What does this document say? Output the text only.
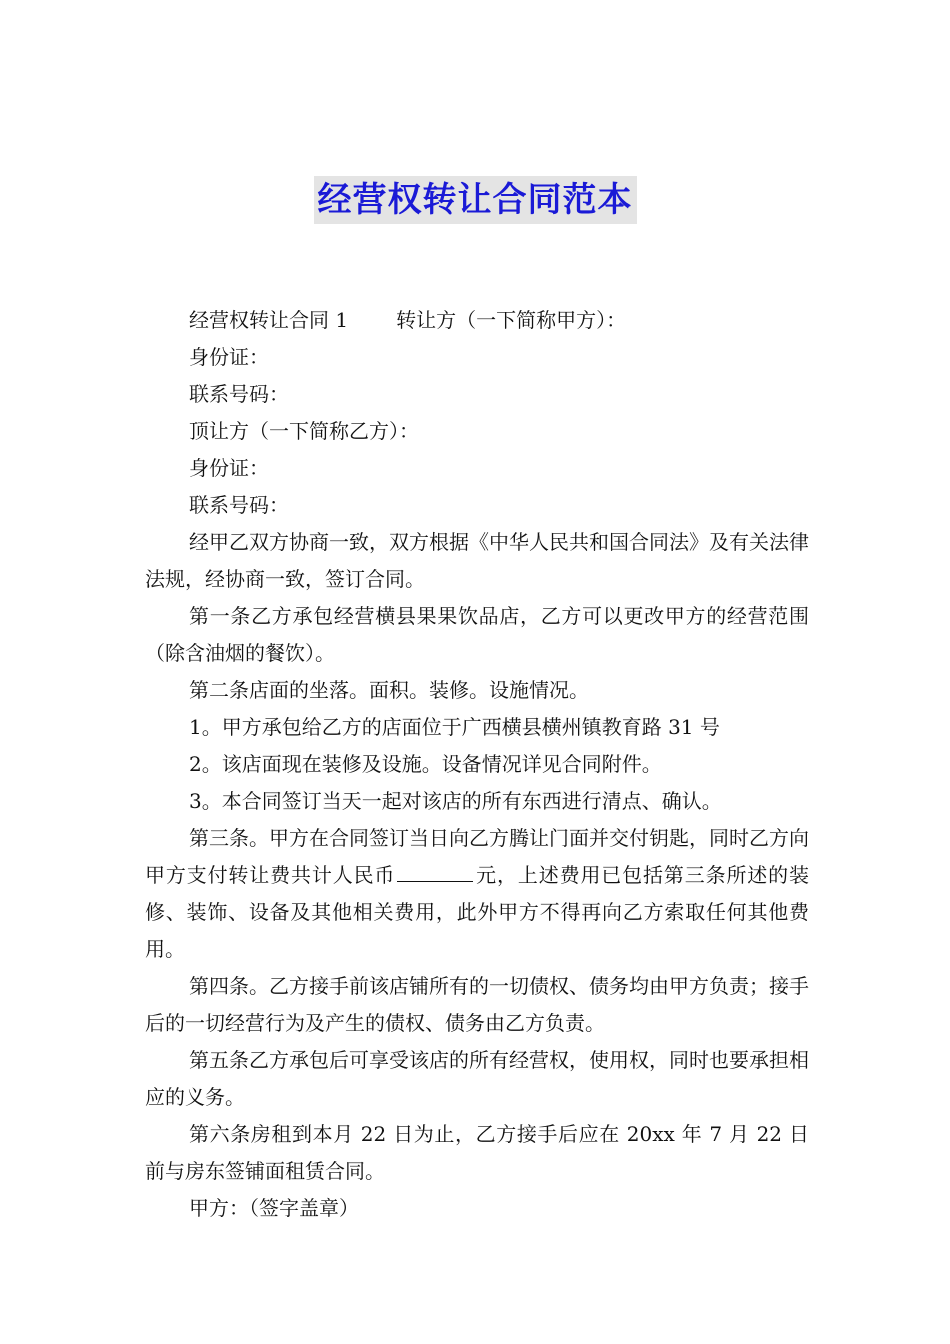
经营权转让合同范本

经营权转让合同 1 转让方（一下简称甲方）：

身份证：

联系号码：

顶让方（一下简称乙方）：

身份证：

联系号码：

经甲乙双方协商一致，双方根据《中华人民共和国合同法》及有关法律法规，经协商一致，签订合同。

第一条乙方承包经营横县果果饮品店，乙方可以更改甲方的经营范围（除含油烟的餐饮）。

第二条店面的坐落。面积。装修。设施情况。

1。甲方承包给乙方的店面位于广西横县横州镇教育路 31 号

2。该店面现在装修及设施。设备情况详见合同附件。

3。本合同签订当天一起对该店的所有东西进行清点、确认。

第三条。甲方在合同签订当日向乙方腾让门面并交付钥匙，同时乙方向甲方支付转让费共计人民币	元，上述费用已包括第三条所述的装修、装饰、设备及其他相关费用，此外甲方不得再向乙方索取任何其他费用。

第四条。乙方接手前该店铺所有的一切债权、债务均由甲方负责；接手后的一切经营行为及产生的债权、债务由乙方负责。

第五条乙方承包后可享受该店的所有经营权，使用权，同时也要承担相应的义务。

第六条房租到本月 22 日为止，乙方接手后应在 20xx 年 7 月 22 日前与房东签铺面租赁合同。

甲方：（签字盖章）
